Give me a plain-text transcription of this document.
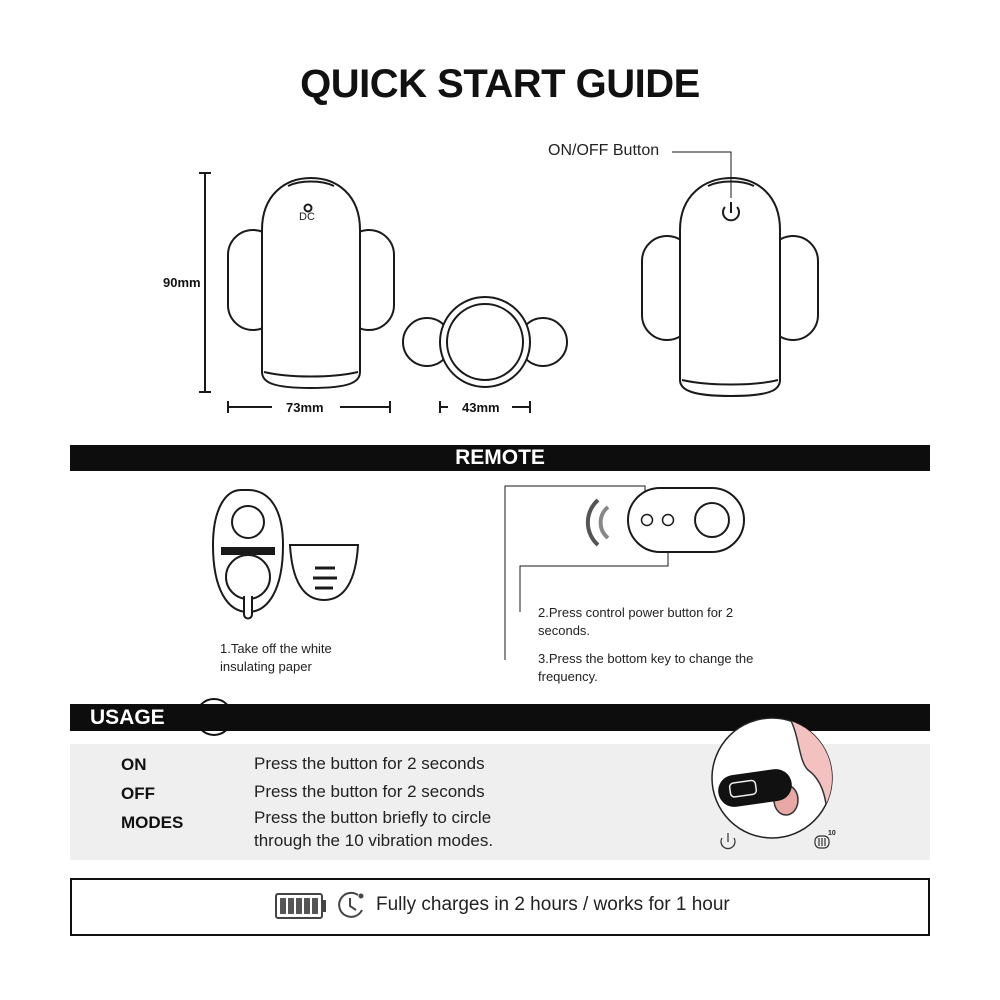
QUICK START GUIDE
90mm
73mm	43mm
DC
ON/OFF Button
REMOTE
1.Take off the white insulating paper
2.Press control power button for 2 seconds.
3.Press the bottom key to change the frequency.
USAGE
ON	Press the button for 2 seconds
OFF	Press the button for 2 seconds
MODES	Press the button briefly to circle through the 10 vibration modes.	10
Fully charges in 2 hours / works for 1 hour
